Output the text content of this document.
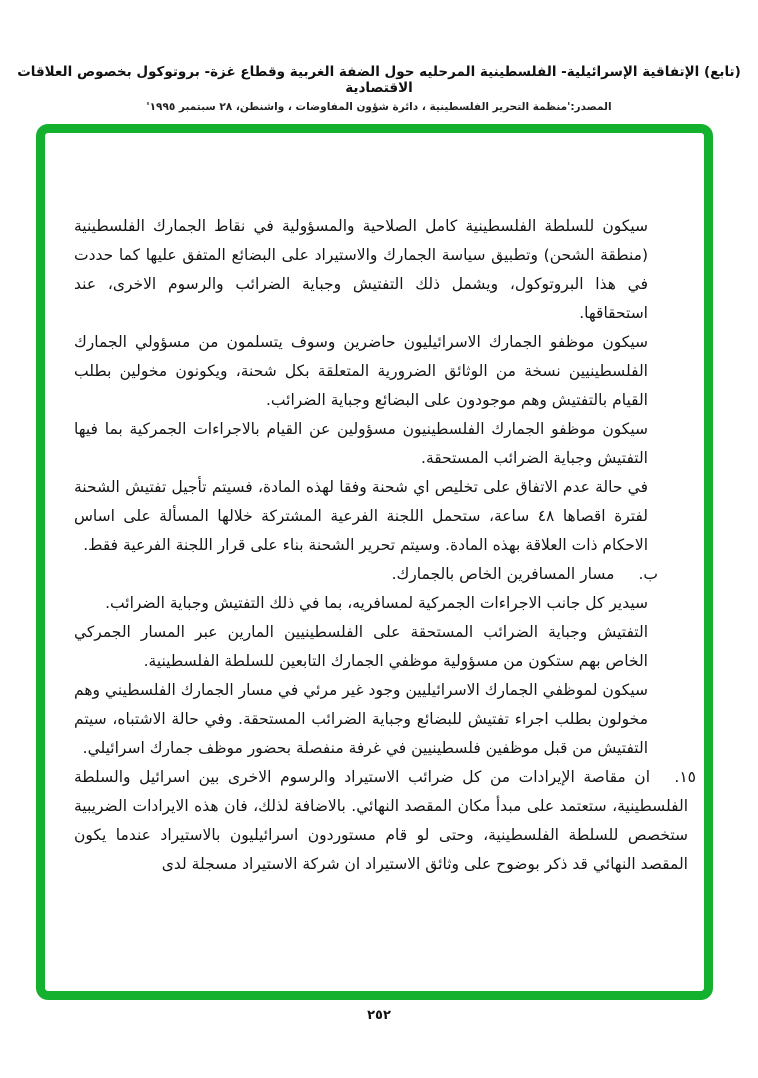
(تابع) الإتفاقية الإسرائيلية- الفلسطينية المرحليه حول الضفة الغربية وقطاع غزة- بروتوكول بخصوص العلاقات الاقتصادية
المصدر:'منظمة التحرير الفلسطينية ، دائرة شؤون المفاوضات ، واشنطن، ٢٨ سبتمبر ١٩٩٥'

سيكون للسلطة الفلسطينية كامل الصلاحية والمسؤولية في نقاط الجمارك الفلسطينية (منطقة الشحن) وتطبيق سياسة الجمارك والاستيراد على البضائع المتفق عليها كما حددت في هذا البروتوكول، ويشمل ذلك التفتيش وجباية الضرائب والرسوم الاخرى، عند استحقاقها.

سيكون موظفو الجمارك الاسرائيليون حاضرين وسوف يتسلمون من مسؤولي الجمارك الفلسطينيين نسخة من الوثائق الضرورية المتعلقة بكل شحنة، ويكونون مخولين بطلب القيام بالتفتيش وهم موجودون على البضائع وجباية الضرائب.

سيكون موظفو الجمارك الفلسطينيون مسؤولين عن القيام بالاجراءات الجمركية بما فيها التفتيش وجباية الضرائب المستحقة.

في حالة عدم الاتفاق على تخليص اي شحنة وفقا لهذه المادة، فسيتم تأجيل تفتيش الشحنة لفترة اقصاها ٤٨ ساعة، ستحمل اللجنة الفرعية المشتركة خلالها المسألة على اساس الاحكام ذات العلاقة بهذه المادة. وسيتم تحرير الشحنة بناء على قرار اللجنة الفرعية فقط.

ب.مسار المسافرين الخاص بالجمارك.

سيدير كل جانب الاجراءات الجمركية لمسافريه، بما في ذلك التفتيش وجباية الضرائب.

التفتيش وجباية الضرائب المستحقة على الفلسطينيين المارين عبر المسار الجمركي الخاص بهم ستكون من مسؤولية موظفي الجمارك التابعين للسلطة الفلسطينية.

سيكون لموظفي الجمارك الاسرائيليين وجود غير مرئي في مسار الجمارك الفلسطيني وهم مخولون بطلب اجراء تفتيش للبضائع وجباية الضرائب المستحقة. وفي حالة الاشتباه، سيتم التفتيش من قبل موظفين فلسطينيين في غرفة منفصلة بحضور موظف جمارك اسرائيلي.

١٥.

ان مقاصة الإيرادات من كل ضرائب الاستيراد والرسوم الاخرى بين اسرائيل والسلطة الفلسطينية، ستعتمد على مبدأ مكان المقصد النهائي. بالاضافة لذلك، فان هذه الايرادات الضريبية ستخصص للسلطة الفلسطينية، وحتى لو قام مستوردون اسرائيليون بالاستيراد عندما يكون المقصد النهائي قد ذكر بوضوح على وثائق الاستيراد ان شركة الاستيراد مسجلة لدى

٢٥٢
